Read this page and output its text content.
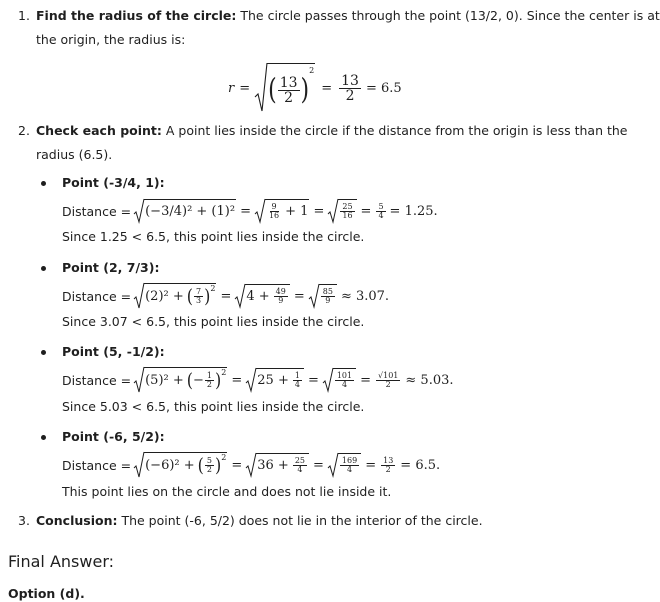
1. Find the radius of the circle: The circle passes through the point (13/2, 0). Since the center is at
the origin, the radius is:
r = ( $\frac{13}{2}$ )
2
= $\frac{13}{2} = 6.5$
2. Check each point: A point lies inside the circle if the distance from the origin is less than the
radius (6.5).
Point (-3/4, 1):
Distance = $(-3/4)^2 + (1)^2 = \frac{9}{16} + 1 = \frac{25}{16} = \frac{5}{4} = 1.25$.
Since 1.25 < 6.5, this point lies inside the circle.
Point (2, 7/3):
Distance = (2)² + ( $\frac{7}{3} )^2 = 4 + \frac{49}{9} = \frac{85}{9} \approx 3.07$.
Since 3.07 < 6.5, this point lies inside the circle.
Point (5, -1/2):
Distance = (5)² + ( − $\frac{1}{2} )^2 = 25 + \frac{1}{4} = \frac{101}{4} = \frac{√101}{2} \approx 5.03$.
Since 5.03 < 6.5, this point lies inside the circle.
Point (-6, 5/2):
Distance = (−6)² + ( $\frac{5}{2} )^2 = 36 + \frac{25}{4} = \frac{169}{4} = \frac{13}{2} = 6.5$.
This point lies on the circle and does not lie inside it.
3. Conclusion: The point (-6, 5/2) does not lie in the interior of the circle.
Final Answer:
Option (d).
